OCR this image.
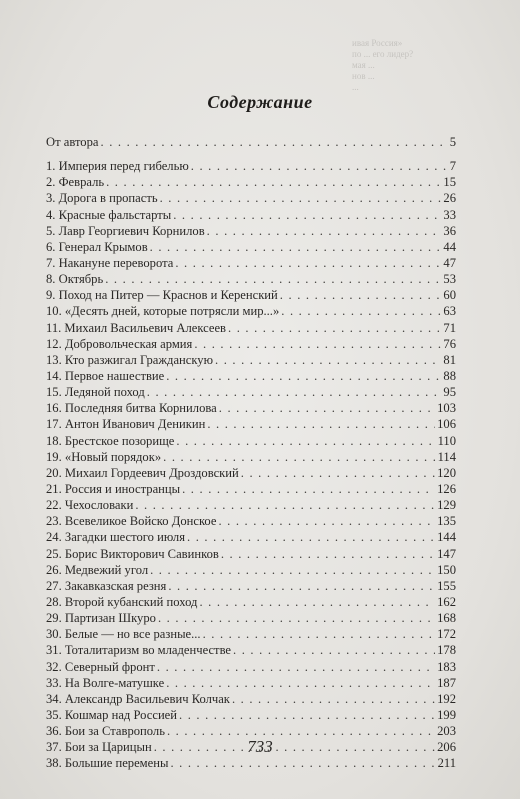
ивая Россия»
по ... его лидер?
мая ...
нов ...
...
Содержание
От автора . . .	5
1. Империя перед гибелью . . .	7
2. Февраль . . .	15
3. Дорога в пропасть . . .	26
4. Красные фальстарты . . .	33
5. Лавр Георгиевич Корнилов . . .	36
6. Генерал Крымов . . .	44
7. Накануне переворота . . .	47
8. Октябрь . . .	53
9. Поход на Питер — Краснов и Керенский . . .	60
10. «Десять дней, которые потрясли мир...» . . .	63
11. Михаил Васильевич Алексеев . . .	71
12. Добровольческая армия . . .	76
13. Кто разжигал Гражданскую . . .	81
14. Первое нашествие . . .	88
15. Ледяной поход . . .	95
16. Последняя битва Корнилова . . .	103
17. Антон Иванович Деникин . . .	106
18. Брестское позорище . . .	110
19. «Новый порядок» . . .	114
20. Михаил Гордеевич Дроздовский . . .	120
21. Россия и иностранцы . . .	126
22. Чехословаки . . .	129
23. Всевеликое Войско Донское . . .	135
24. Загадки шестого июля . . .	144
25. Борис Викторович Савинков . . .	147
26. Медвежий угол . . .	150
27. Закавказская резня . . .	155
28. Второй кубанский поход . . .	162
29. Партизан Шкуро . . .	168
30. Белые — но все разные... . . .	172
31. Тоталитаризм во младенчестве . . .	178
32. Северный фронт . . .	183
33. На Волге-матушке . . .	187
34. Александр Васильевич Колчак . . .	192
35. Кошмар над Россией . . .	199
36. Бои за Ставрополь . . .	203
37. Бои за Царицын . . .	206
38. Большие перемены . . .	211
733
